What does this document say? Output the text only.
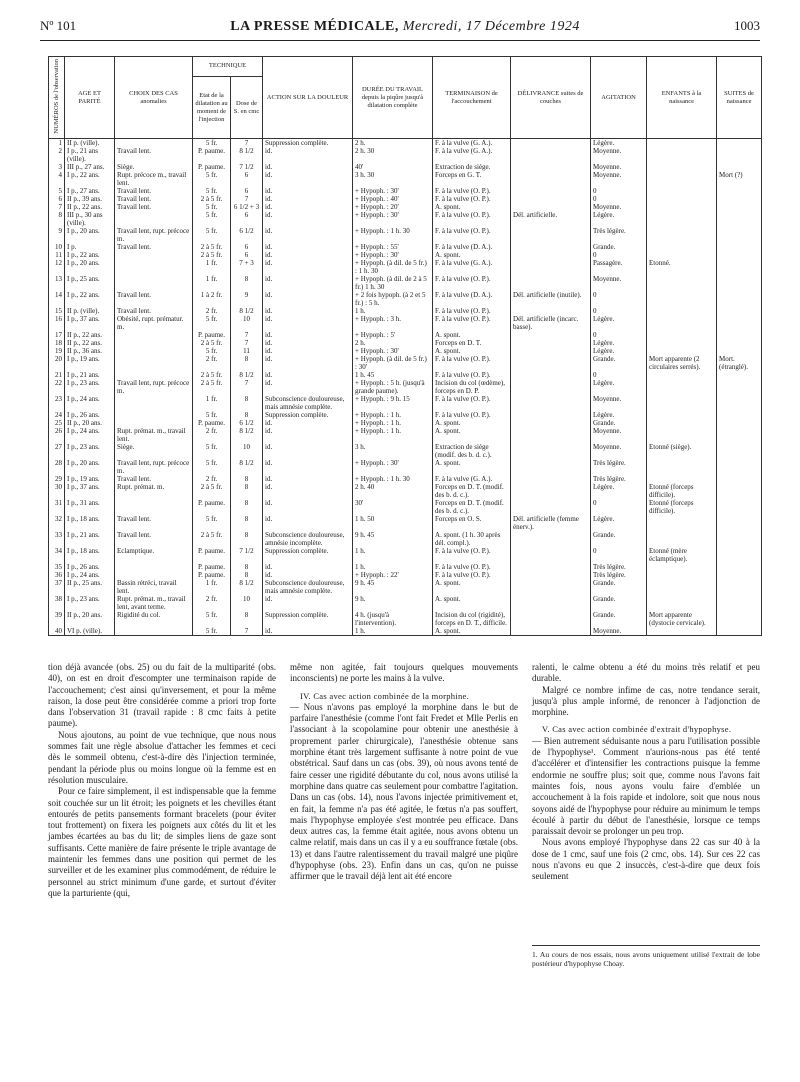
Nº 101	LA PRESSE MÉDICALE, Mercredi, 17 Décembre 1924	1003
NUMÉROS de l'observation	AGE ET PARITÉ	CHOIX DES CAS anomalies	TECHNIQUE		ACTION SUR LA DOULEUR	DURÉE DU TRAVAIL depuis la piqûre jusqu'à dilatation complète	TERMINAISON de l'accouchement	DÉLIVRANCE suites de couches	AGITATION	ENFANTS à la naissance	SUITES de naissance
			Etat de la dilatation au moment de l'injection	Dose de S. en cmc							
1	II p. (ville).		5 fr.	7	Suppression complète.	2 h.	F. à la vulve (G. A.).		Légère.		
2	I p., 21 ans (ville).	Travail lent.	P. paume.	8 1/2	id.	2 h. 30	F. à la vulve (G. A.).		Moyenne.		
3	III p., 27 ans.	Siège.	P. paume.	7 1/2	id.	40'	Extraction de siège.		Moyenne.		
4	I p., 22 ans.	Rupt. précoce m., travail lent.	5 fr.	6	id.	3 h. 30	Forceps en G. T.		Moyenne.		Mort (?)
5	I p., 27 ans.	Travail lent.	5 fr.	6	id.	+ Hypoph. : 30'	F. à la vulve (O. P.).		0		
6	II p., 39 ans.	Travail lent.	2 à 5 fr.	7	id.	+ Hypoph. : 40'	F. à la vulve (O. P.).		0		
7	II p., 22 ans.	Travail lent.	5 fr.	6 1/2 + 3	id.	+ Hypoph. : 20'	A. spont.		Moyenne.		
8	III p., 30 ans (ville).		5 fr.	6	id.	+ Hypoph. : 30'	F. à la vulve (O. P.).	Dél. artificielle.	Légère.		
9	I p., 20 ans.	Travail lent, rupt. précoce m.	5 fr.	6 1/2	id.	+ Hypoph. : 1 h. 30	F. à la vulve (O. P.).		Très légère.		
10	I p.	Travail lent.	2 à 5 fr.	6	id.	+ Hypoph. : 55'	F. à la vulve (D. A.).		Grande.		
11	I p., 22 ans.		2 à 5 fr.	6	id.	+ Hypoph. : 30'	A. spont.		0		
12	I p., 20 ans.		1 fr.	7 + 3	id.	+ Hypoph. (à dil. de 5 fr.) : 1 h. 30	F. à la vulve (G. A.).		Passagère.	Etonné.	
13	I p., 25 ans.		1 fr.	8	id.	+ Hypoph. (à dil. de 2 à 5 fr.) 1 h. 30	F. à la vulve (O. P.).		Moyenne.		
14	I p., 22 ans.	Travail lent.	1 à 2 fr.	9	id.	+ 2 fois hypoph. (à 2 et 5 fr.) : 5 h.	F. à la vulve (D. A.).	Dél. artificielle (inutile).	0		
15	II p. (ville).	Travail lent.	2 fr.	8 1/2	id.	1 h.	F. à la vulve (O. P.).		0		
16	I p., 37 ans.	Obésité, rupt. prématur. m.	5 fr.	10	id.	+ Hypoph. : 3 h.	F. à la vulve (O. P.).	Dél. artificielle (incarc. basse).	Légère.		
17	II p., 22 ans.		P. paume.	7	id.	+ Hypoph. : 5'	A. spont.		0		
18	II p., 22 ans.		2 à 5 fr.	7	id.	2 h.	Forceps en D. T.		Légère.		
19	II p., 36 ans.		5 fr.	11	id.	+ Hypoph. : 30'	A. spont.		Légère.		
20	I p., 19 ans.		2 fr.	8	id.	+ Hypoph. (à dil. de 5 fr.) : 30'	F. à la vulve (O. P.).		Grande.	Mort apparente (2 circulaires serrés).	Mort. (étranglé).
21	I p., 21 ans.		2 à 5 fr.	8 1/2	id.	1 h. 45	F. à la vulve (O. P.).		0		
22	I p., 23 ans.	Travail lent, rupt. précoce m.	2 à 5 fr.	7	id.	+ Hypoph. : 5 h. (jusqu'à grande paume).	Incision du col (œdème), forceps en D. P.		Légère.		
23	I p., 24 ans.		1 fr.	8	Subconscience douloureuse, mais amnésie complète.	+ Hypoph. : 9 h. 15	F. à la vulve (O. P.).		Moyenne.		
24	I p., 26 ans.		5 fr.	8	Suppression complète.	+ Hypoph. : 1 h.	F. à la vulve (O. P.).		Légère.		
25	II p., 20 ans.		P. paume.	6 1/2	id.	+ Hypoph. : 1 h.	A. spont.		Grande.		
26	I p., 24 ans.	Rupt. prémat. m., travail lent.	2 fr.	8 1/2	id.	+ Hypoph. : 1 h.	A. spont.		Moyenne.		
27	I p., 23 ans.	Siège.	5 fr.	10	id.	3 h.	Extraction de siège (modif. des b. d. c.).		Moyenne.	Etonné (siège).	
28	I p., 20 ans.	Travail lent, rupt. précoce m.	5 fr.	8 1/2	id.	+ Hypoph. : 30'	A. spont.		Très légère.		
29	I p., 19 ans.	Travail lent.	2 fr.	8	id.	+ Hypoph. : 1 h. 30	F. à la vulve (G. A.).		Très légère.		
30	I p., 37 ans.	Rupt. prémat. m.	2 à 5 fr.	8	id.	2 h. 40	Forceps en D. T. (modif. des b. d. c.).		Légère.	Etonné (forceps difficile).	
31	I p., 31 ans.		P. paume.	8	id.	30'	Forceps en D. T. (modif. des b. d. c.).		0	Etonné (forceps difficile).	
32	I p., 18 ans.	Travail lent.	5 fr.	8	id.	1 h. 50	Forceps en O. S.	Dél. artificielle (femme énerv.).	Légère.		
33	I p., 21 ans.	Travail lent.	2 à 5 fr.	8	Subconscience douloureuse, amnésie incomplète.	9 h. 45	A. spont. (1 h. 30 après dél. compl.).		Grande.		
34	I p., 18 ans.	Eclamptique.	P. paume.	7 1/2	Suppression complète.	1 h.	F. à la vulve (O. P.).		0	Etonné (mère éclamptique).	
35	I p., 26 ans.		P. paume.	8	id.	1 h.	F. à la vulve (O. P.).		Très légère.		
36	I p., 24 ans.		P. paume.	8	id.	+ Hypoph. : 22'	F. à la vulve (O. P.).		Très légère.		
37	II p., 25 ans.	Bassin rétréci, travail lent.	1 fr.	8 1/2	Subconscience douloureuse, mais amnésie complète.	9 h. 45	A. spont.		Grande.		
38	I p., 23 ans.	Rupt. prémat. m., travail lent, avant terme.	2 fr.	10	id.	9 h.	A. spont.		Grande.		
39	II p., 20 ans.	Rigidité du col.	5 fr.	8	Suppression complète.	4 h. (jusqu'à l'intervention).	Incision du col (rigidité), forceps en D. T., difficile.		Grande.	Mort apparente (dystocie cervicale).	
40	VI p. (ville).		5 fr.	7	id.	1 h.	A. spont.		Moyenne.		

tion déjà avancée (obs. 25) ou du fait de la multiparité (obs. 40), on est en droit d'escompter une terminaison rapide de l'accouchement; c'est ainsi qu'inversement, et pour la même raison, la dose peut être considérée comme a priori trop forte dans l'observation 31 (travail rapide : 8 cmc faits à petite paume).

Nous ajoutons, au point de vue technique, que nous nous sommes fait une règle absolue d'attacher les femmes et ceci dès le sommeil obtenu, c'est-à-dire dès l'injection terminée, pendant la période plus ou moins longue où la femme est en résolution musculaire.

Pour ce faire simplement, il est indispensable que la femme soit couchée sur un lit étroit; les poignets et les chevilles étant entourés de petits pansements formant bracelets (pour éviter tout frottement) on fixera les poignets aux côtés du lit et les jambes écartées au bas du lit; de simples liens de gaze sont suffisants. Cette manière de faire présente le triple avantage de maintenir les femmes dans une position qui permet de les surveiller et de les examiner plus commodément, de réduire le personnel au strict minimum d'une garde, et surtout d'éviter que la parturiente (qui,

même non agitée, fait toujours quelques mouvements inconscients) ne porte les mains à la vulve.

IV. Cas avec action combinée de la morphine.

— Nous n'avons pas employé la morphine dans le but de parfaire l'anesthésie (comme l'ont fait Fredet et Mlle Perlis en l'associant à la scopolamine pour obtenir une anesthésie à proprement parler chirurgicale), l'anesthésie obtenue sans morphine étant très largement suffisante à notre point de vue obstétrical. Sauf dans un cas (obs. 39), où nous avons tenté de faire cesser une rigidité débutante du col, nous avons utilisé la morphine dans quatre cas seulement pour combattre l'agitation. Dans un cas (obs. 14), nous l'avons injectée primitivement et, en fait, la femme n'a pas été agitée, le fœtus n'a pas souffert, mais l'hypophyse employée s'est montrée peu efficace. Dans deux autres cas, la femme était agitée, nous avons obtenu un calme relatif, mais dans un cas il y a eu souffrance fœtale (obs. 13) et dans l'autre ralentissement du travail malgré une piqûre d'hypophyse (obs. 23). Enfin dans un cas, qu'on ne puisse affirmer que le travail déjà lent ait été encore

ralenti, le calme obtenu a été du moins très relatif et peu durable.

Malgré ce nombre infime de cas, notre tendance serait, jusqu'à plus ample informé, de renoncer à l'adjonction de morphine.

V. Cas avec action combinée d'extrait d'hypophyse.

— Bien autrement séduisante nous a paru l'utilisation possible de l'hypophyse¹. Comment n'aurions-nous pas été tenté d'accélérer et d'intensifier les contractions puisque la femme endormie ne souffre plus; soit que, comme nous l'avons fait maintes fois, nous ayons voulu faire d'emblée un accouchement à la fois rapide et indolore, soit que nous nous soyons aidé de l'hypophyse pour réduire au minimum le temps écoulé à partir du début de l'anesthésie, lorsque ce temps paraissait devoir se prolonger un peu trop.

Nous avons employé l'hypophyse dans 22 cas sur 40 à la dose de 1 cmc, sauf une fois (2 cmc, obs. 14). Sur ces 22 cas nous n'avons eu que 2 insuccès, c'est-à-dire que deux fois seulement

1. Au cours de nos essais, nous avons uniquement utilisé l'extrait de lobe postérieur d'hypophyse Choay.
